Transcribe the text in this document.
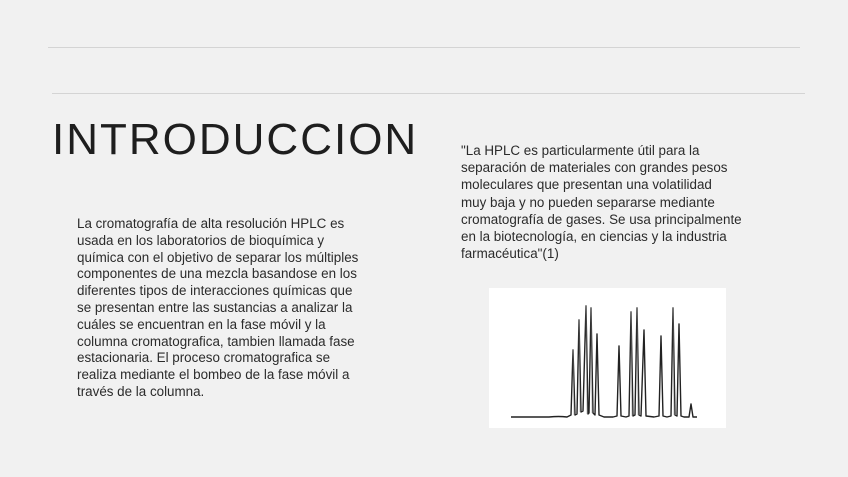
INTRODUCCION
La cromatografía de alta resolución HPLC es
usada en los laboratorios de bioquímica y
química con el objetivo de separar los múltiples
componentes de una mezcla basandose en los
diferentes tipos de interacciones químicas que
se presentan entre las sustancias a analizar la
cuáles se encuentran en la fase móvil y la
columna cromatografica, tambien llamada fase
estacionaria. El proceso cromatografica se
realiza mediante el bombeo de la fase móvil a
través de la columna.
"La HPLC es particularmente útil para la
separación de materiales con grandes pesos
moleculares que presentan una volatilidad
muy baja y no pueden separarse mediante
cromatografía de gases. Se usa principalmente
en la biotecnología, en ciencias y la industria
farmacéutica"(1)
